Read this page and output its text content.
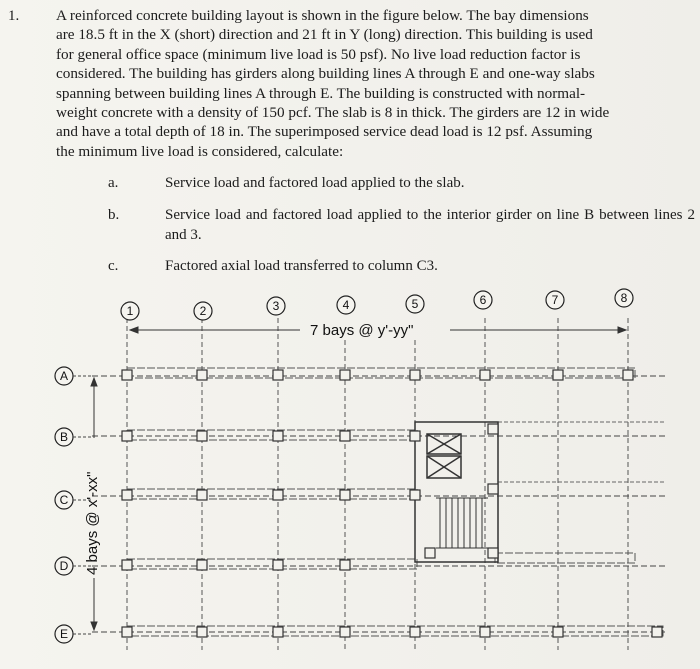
1. A reinforced concrete building layout is shown in the figure below. The bay dimensions
are 18.5 ft in the X (short) direction and 21 ft in Y (long) direction. This building is used
for general office space (minimum live load is 50 psf). No live load reduction factor is
considered. The building has girders along building lines A through E and one-way slabs
spanning between building lines A through E. The building is constructed with normal-
weight concrete with a density of 150 pcf. The slab is 8 in thick. The girders are 12 in wide
and have a total depth of 18 in. The superimposed service dead load is 12 psf. Assuming
the minimum live load is considered, calculate:
a.	Service load and factored load applied to the slab.
b.	Service load and factored load applied to the interior girder on line B between lines 2 and 3.
c.	Factored axial load transferred to column C3.
7 bays @ y'-yy"
4 bays @ x'-xx"
1	2	3	4	5	6	7	8
A
B
C
D
E
